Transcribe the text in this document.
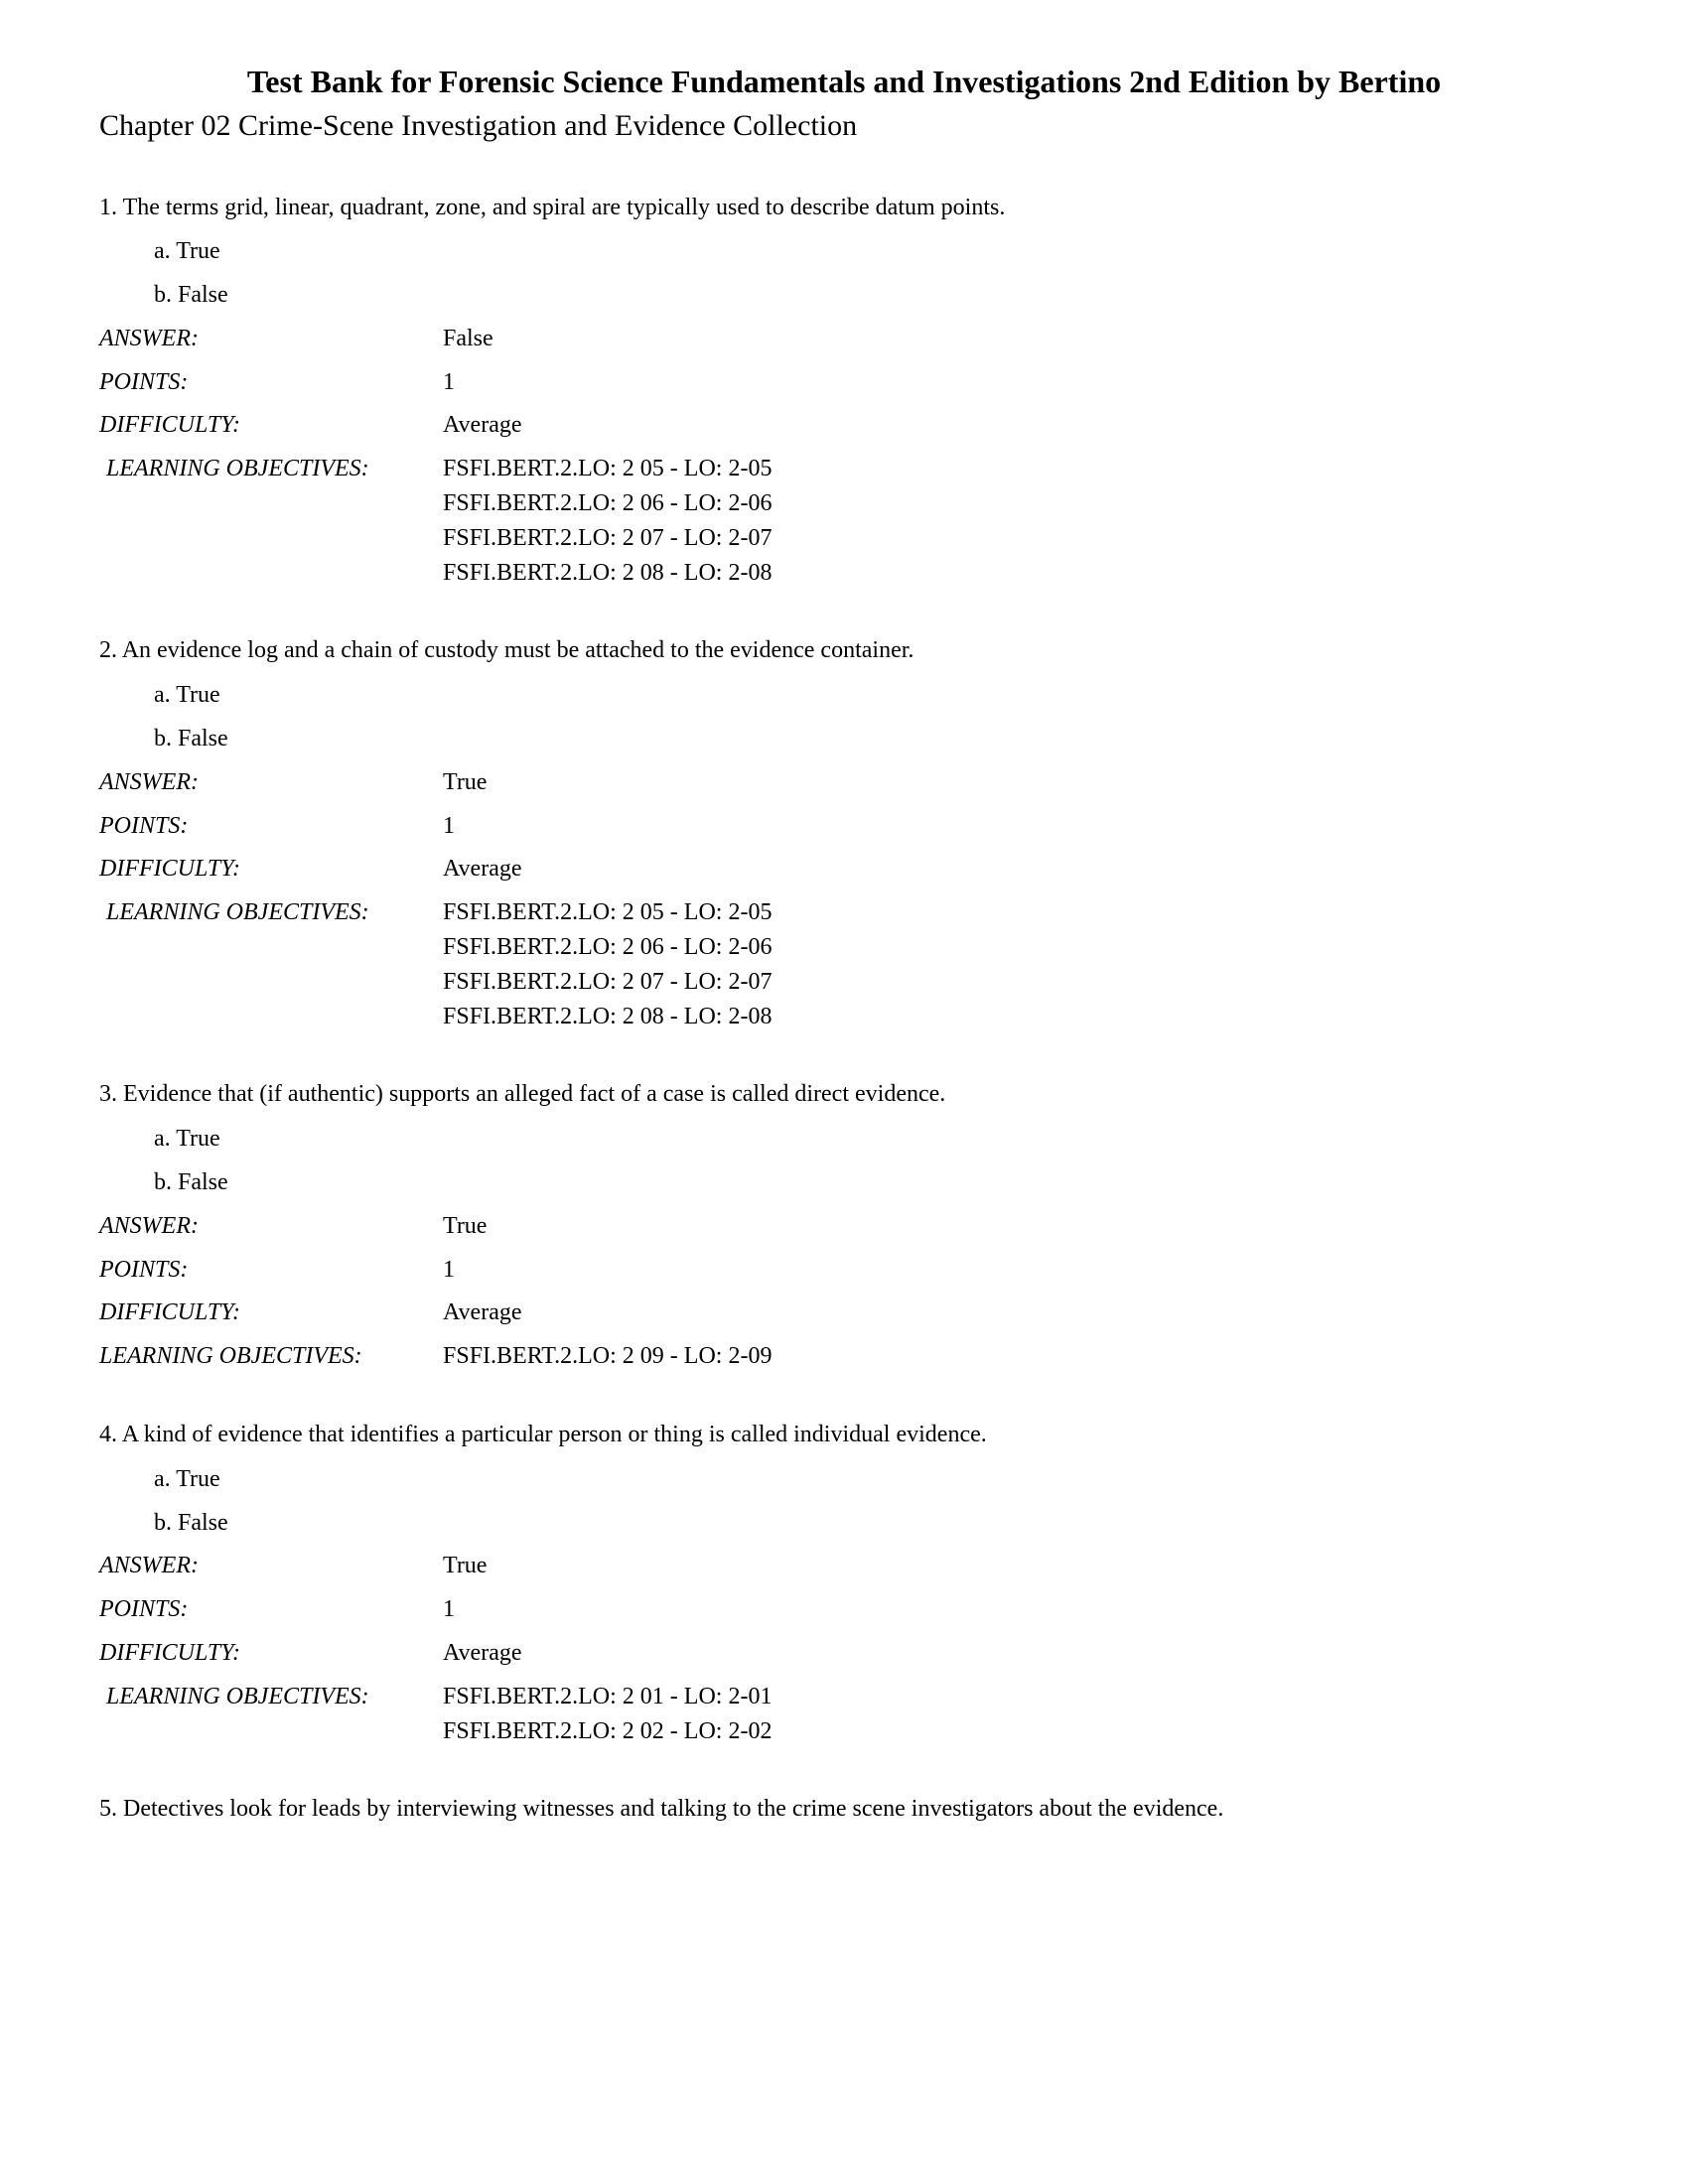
Test Bank for Forensic Science Fundamentals and Investigations 2nd Edition by Bertino
Chapter 02 Crime-Scene Investigation and Evidence Collection

1. The terms grid, linear, quadrant, zone, and spiral are typically used to describe datum points.

a. True
b. False
ANSWER:	False
POINTS:	1
DIFFICULTY:	Average
LEARNING OBJECTIVES:	FSFI.BERT.2.LO: 2 05 - LO: 2-05
FSFI.BERT.2.LO: 2 06 - LO: 2-06
FSFI.BERT.2.LO: 2 07 - LO: 2-07
FSFI.BERT.2.LO: 2 08 - LO: 2-08

2. An evidence log and a chain of custody must be attached to the evidence container.

a. True
b. False
ANSWER:	True
POINTS:	1
DIFFICULTY:	Average
LEARNING OBJECTIVES:	FSFI.BERT.2.LO: 2 05 - LO: 2-05
FSFI.BERT.2.LO: 2 06 - LO: 2-06
FSFI.BERT.2.LO: 2 07 - LO: 2-07
FSFI.BERT.2.LO: 2 08 - LO: 2-08

3. Evidence that (if authentic) supports an alleged fact of a case is called direct evidence.

a. True
b. False
ANSWER:	True
POINTS:	1
DIFFICULTY:	Average
LEARNING OBJECTIVES:	FSFI.BERT.2.LO: 2 09 - LO: 2-09

4. A kind of evidence that identifies a particular person or thing is called individual evidence.

a. True
b. False
ANSWER:	True
POINTS:	1
DIFFICULTY:	Average
LEARNING OBJECTIVES:	FSFI.BERT.2.LO: 2 01 - LO: 2-01
FSFI.BERT.2.LO: 2 02 - LO: 2-02

5. Detectives look for leads by interviewing witnesses and talking to the crime scene investigators about the evidence.
